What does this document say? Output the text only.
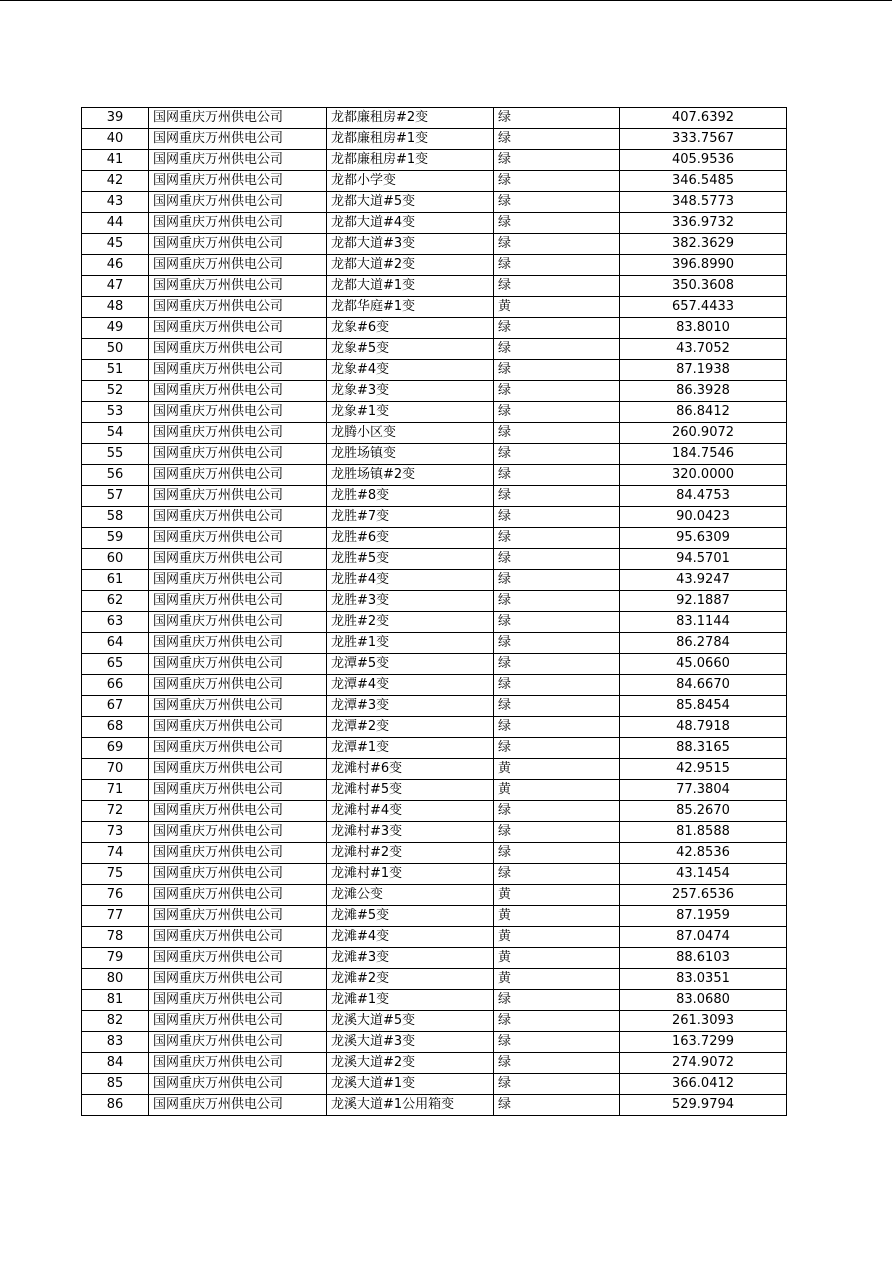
39	国网重庆万州供电公司	龙都廉租房#2变	绿	407.6392
40	国网重庆万州供电公司	龙都廉租房#1变	绿	333.7567
41	国网重庆万州供电公司	龙都廉租房#1变	绿	405.9536
42	国网重庆万州供电公司	龙都小学变	绿	346.5485
43	国网重庆万州供电公司	龙都大道#5变	绿	348.5773
44	国网重庆万州供电公司	龙都大道#4变	绿	336.9732
45	国网重庆万州供电公司	龙都大道#3变	绿	382.3629
46	国网重庆万州供电公司	龙都大道#2变	绿	396.8990
47	国网重庆万州供电公司	龙都大道#1变	绿	350.3608
48	国网重庆万州供电公司	龙都华庭#1变	黄	657.4433
49	国网重庆万州供电公司	龙象#6变	绿	83.8010
50	国网重庆万州供电公司	龙象#5变	绿	43.7052
51	国网重庆万州供电公司	龙象#4变	绿	87.1938
52	国网重庆万州供电公司	龙象#3变	绿	86.3928
53	国网重庆万州供电公司	龙象#1变	绿	86.8412
54	国网重庆万州供电公司	龙腾小区变	绿	260.9072
55	国网重庆万州供电公司	龙胜场镇变	绿	184.7546
56	国网重庆万州供电公司	龙胜场镇#2变	绿	320.0000
57	国网重庆万州供电公司	龙胜#8变	绿	84.4753
58	国网重庆万州供电公司	龙胜#7变	绿	90.0423
59	国网重庆万州供电公司	龙胜#6变	绿	95.6309
60	国网重庆万州供电公司	龙胜#5变	绿	94.5701
61	国网重庆万州供电公司	龙胜#4变	绿	43.9247
62	国网重庆万州供电公司	龙胜#3变	绿	92.1887
63	国网重庆万州供电公司	龙胜#2变	绿	83.1144
64	国网重庆万州供电公司	龙胜#1变	绿	86.2784
65	国网重庆万州供电公司	龙潭#5变	绿	45.0660
66	国网重庆万州供电公司	龙潭#4变	绿	84.6670
67	国网重庆万州供电公司	龙潭#3变	绿	85.8454
68	国网重庆万州供电公司	龙潭#2变	绿	48.7918
69	国网重庆万州供电公司	龙潭#1变	绿	88.3165
70	国网重庆万州供电公司	龙滩村#6变	黄	42.9515
71	国网重庆万州供电公司	龙滩村#5变	黄	77.3804
72	国网重庆万州供电公司	龙滩村#4变	绿	85.2670
73	国网重庆万州供电公司	龙滩村#3变	绿	81.8588
74	国网重庆万州供电公司	龙滩村#2变	绿	42.8536
75	国网重庆万州供电公司	龙滩村#1变	绿	43.1454
76	国网重庆万州供电公司	龙滩公变	黄	257.6536
77	国网重庆万州供电公司	龙滩#5变	黄	87.1959
78	国网重庆万州供电公司	龙滩#4变	黄	87.0474
79	国网重庆万州供电公司	龙滩#3变	黄	88.6103
80	国网重庆万州供电公司	龙滩#2变	黄	83.0351
81	国网重庆万州供电公司	龙滩#1变	绿	83.0680
82	国网重庆万州供电公司	龙溪大道#5变	绿	261.3093
83	国网重庆万州供电公司	龙溪大道#3变	绿	163.7299
84	国网重庆万州供电公司	龙溪大道#2变	绿	274.9072
85	国网重庆万州供电公司	龙溪大道#1变	绿	366.0412
86	国网重庆万州供电公司	龙溪大道#1公用箱变	绿	529.9794
